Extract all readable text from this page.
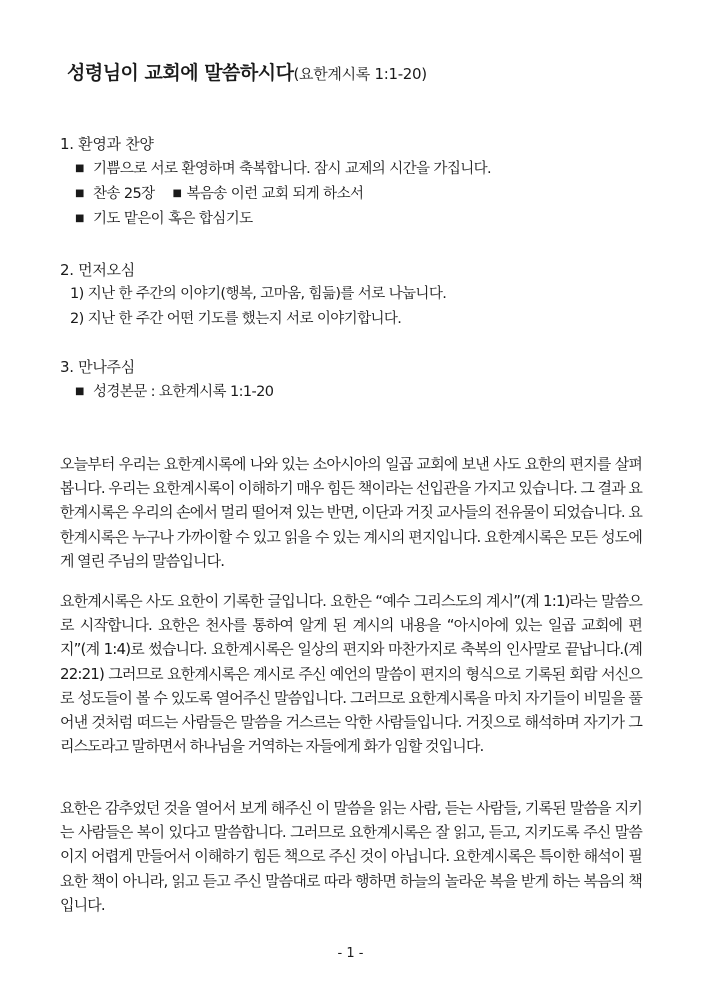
성령님이 교회에 말씀하시다(요한계시록 1:1-20)
1. 환영과 찬양
■ 기쁨으로 서로 환영하며 축복합니다. 잠시 교제의 시간을 가집니다.
■ 찬송 25장■ 복음송 이런 교회 되게 하소서
■ 기도 맡은이 혹은 합심기도
2. 먼저오심
1) 지난 한 주간의 이야기(행복, 고마움, 힘듦)를 서로 나눕니다.
2) 지난 한 주간 어떤 기도를 했는지 서로 이야기합니다.
3. 만나주심
■ 성경본문 : 요한계시록 1:1-20

오늘부터 우리는 요한계시록에 나와 있는 소아시아의 일곱 교회에 보낸 사도 요한의 편지를 살펴봅니다. 우리는 요한계시록이 이해하기 매우 힘든 책이라는 선입관을 가지고 있습니다. 그 결과 요한계시록은 우리의 손에서 멀리 떨어져 있는 반면, 이단과 거짓 교사들의 전유물이 되었습니다. 요한계시록은 누구나 가까이할 수 있고 읽을 수 있는 계시의 편지입니다. 요한계시록은 모든 성도에게 열린 주님의 말씀입니다.

요한계시록은 사도 요한이 기록한 글입니다. 요한은 “예수 그리스도의 계시”(계 1:1)라는 말씀으로 시작합니다. 요한은 천사를 통하여 알게 된 계시의 내용을 “아시아에 있는 일곱 교회에 편지”(계 1:4)로 썼습니다. 요한계시록은 일상의 편지와 마찬가지로 축복의 인사말로 끝납니다.(계 22:21) 그러므로 요한계시록은 계시로 주신 예언의 말씀이 편지의 형식으로 기록된 회람 서신으로 성도들이 볼 수 있도록 열어주신 말씀입니다. 그러므로 요한계시록을 마치 자기들이 비밀을 풀어낸 것처럼 떠드는 사람들은 말씀을 거스르는 악한 사람들입니다. 거짓으로 해석하며 자기가 그리스도라고 말하면서 하나님을 거역하는 자들에게 화가 임할 것입니다.

요한은 감추었던 것을 열어서 보게 해주신 이 말씀을 읽는 사람, 듣는 사람들, 기록된 말씀을 지키는 사람들은 복이 있다고 말씀합니다. 그러므로 요한계시록은 잘 읽고, 듣고, 지키도록 주신 말씀이지 어렵게 만들어서 이해하기 힘든 책으로 주신 것이 아닙니다. 요한계시록은 특이한 해석이 필요한 책이 아니라, 읽고 듣고 주신 말씀대로 따라 행하면 하늘의 놀라운 복을 받게 하는 복음의 책입니다.

- 1 -
